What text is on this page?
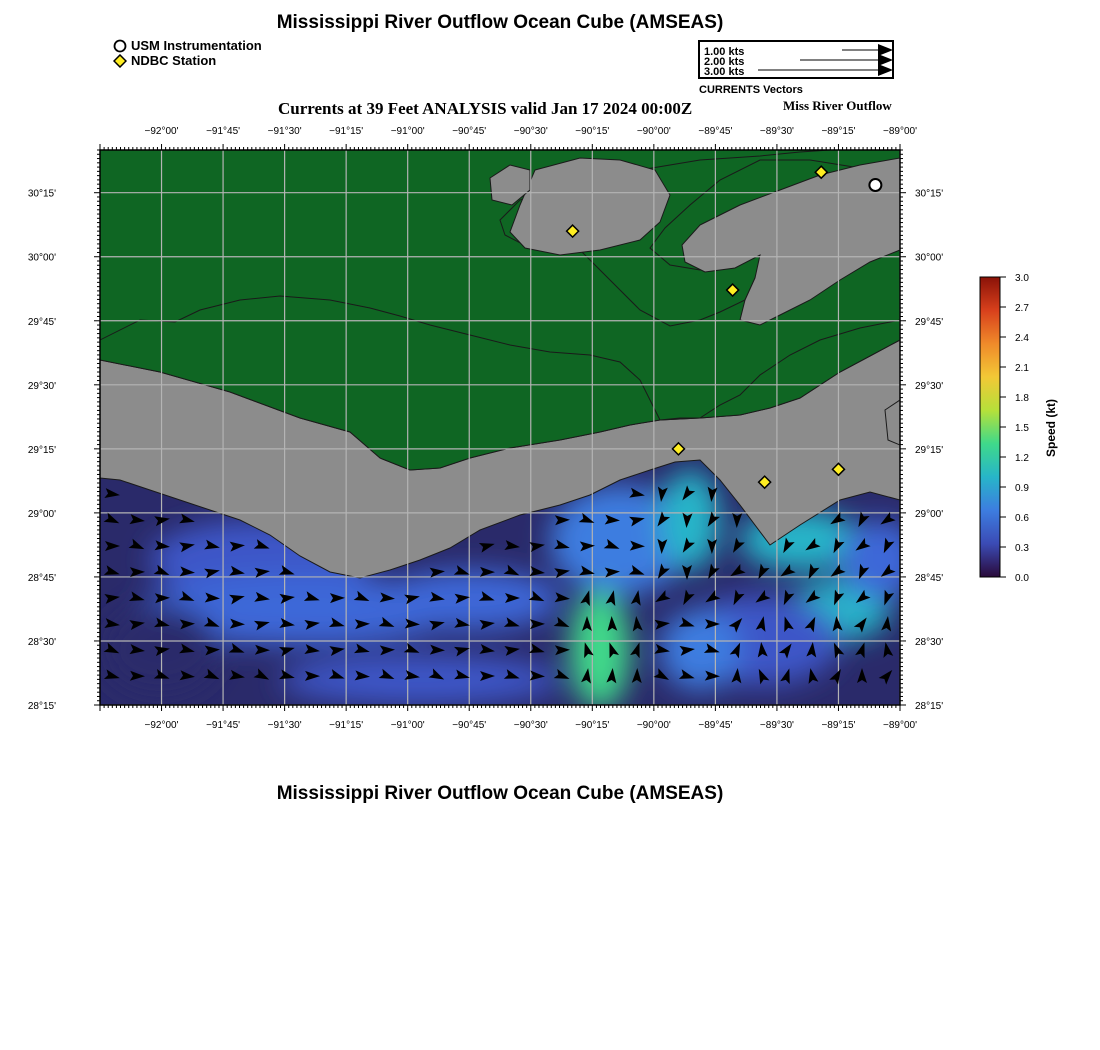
Mississippi River Outflow Ocean Cube (AMSEAS)
USM Instrumentation
NDBC Station
1.00 kts
2.00 kts
3.00 kts
CURRENTS Vectors
Currents at 39 Feet ANALYSIS valid Jan 17 2024 00:00Z	Miss River Outflow
−92°00'	−91°45'	−91°30'	−91°15'	−91°00'	−90°45'	−90°30'	−90°15'	−90°00'	−89°45'	−89°30'	−89°15'	−89°00'
−92°00'	−91°45'	−91°30'	−91°15'	−91°00'	−90°45'	−90°30'	−90°15'	−90°00'	−89°45'	−89°30'	−89°15'	−89°00'
30°15'
30°00'
29°45'
29°30'
29°15'
29°00'
28°45'
28°30'
28°15'
30°15'
30°00'
29°45'
29°30'
29°15'
29°00'
28°45'
28°30'
28°15'
3.0
2.7
2.4
2.1
1.8
1.5
1.2
0.9
0.6
0.3
0.0
Speed (kt)
Mississippi River Outflow Ocean Cube (AMSEAS)
